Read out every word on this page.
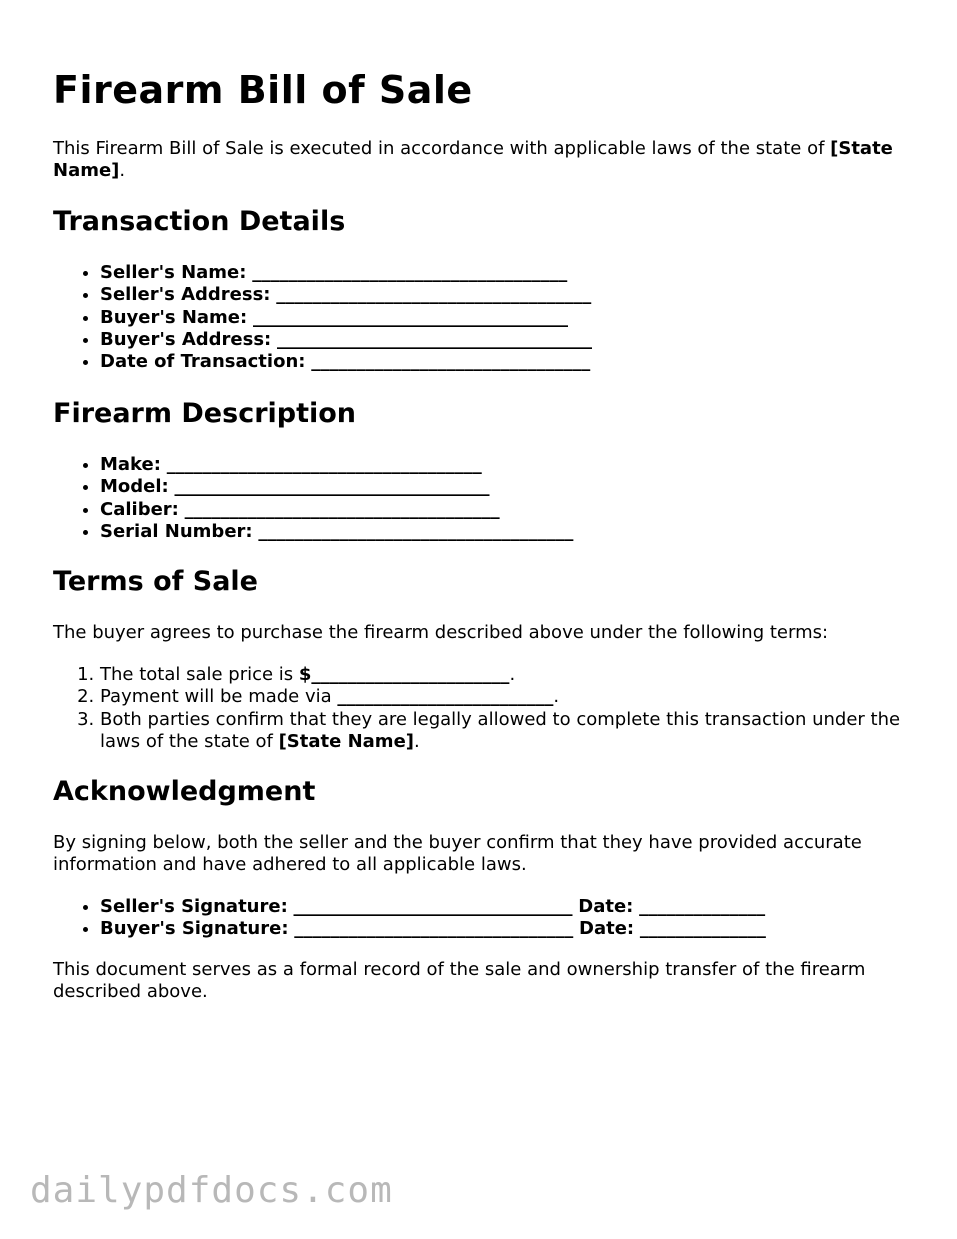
Firearm Bill of Sale

This Firearm Bill of Sale is executed in accordance with applicable laws of the state of [State Name].

Transaction Details
• Seller's Name: ___________________________________
• Seller's Address: ___________________________________
• Buyer's Name: ___________________________________
• Buyer's Address: ___________________________________
• Date of Transaction: _______________________________
Firearm Description
• Make: ___________________________________
• Model: ___________________________________
• Caliber: ___________________________________
• Serial Number: ___________________________________
Terms of Sale

The buyer agrees to purchase the firearm described above under the following terms:

1. The total sale price is $______________________.
2. Payment will be made via ________________________.
3. Both parties confirm that they are legally allowed to complete this transaction under the laws of the state of [State Name].
Acknowledgment

By signing below, both the seller and the buyer confirm that they have provided accurate information and have adhered to all applicable laws.

• Seller's Signature: _______________________________ Date: ______________
• Buyer's Signature: _______________________________ Date: ______________

This document serves as a formal record of the sale and ownership transfer of the firearm described above.

dailypdfdocs.com
